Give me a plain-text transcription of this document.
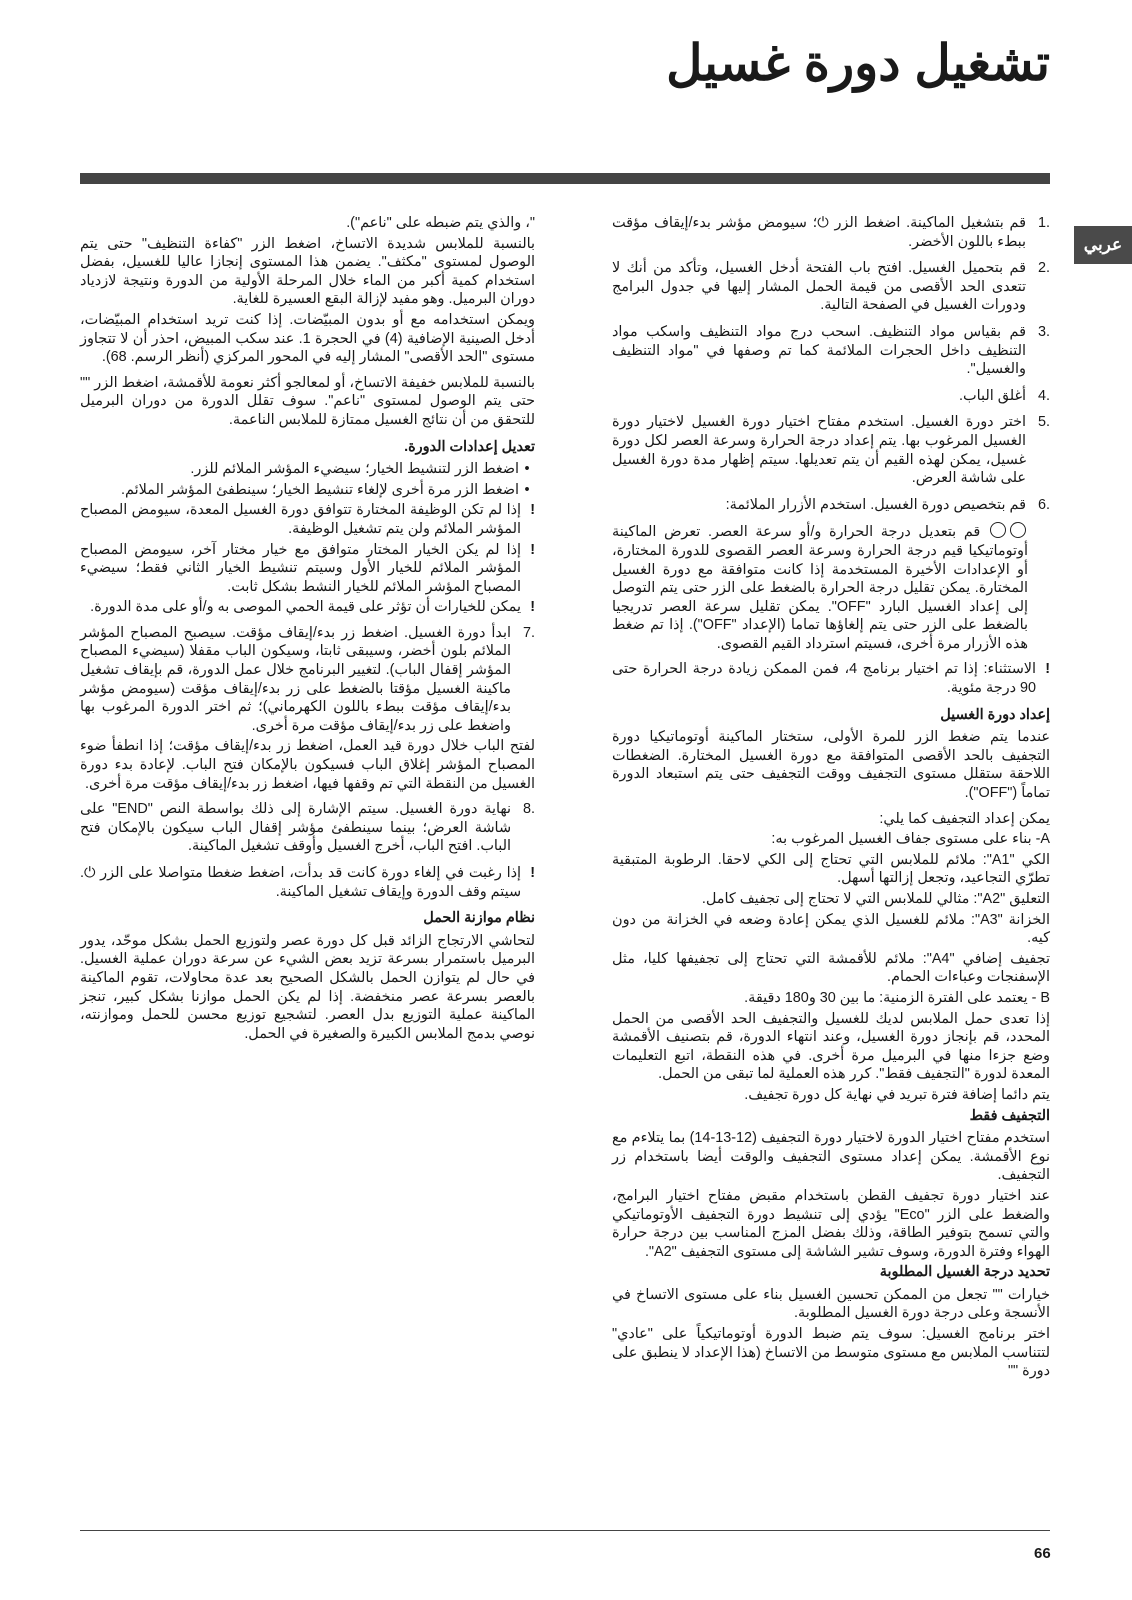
تشغيل دورة غسيل
عربي
.1
قم بتشغيل الماكينة. اضغط الزر ⏻؛ سيومض مؤشر بدء/إيقاف مؤقت ببطء باللون الأخضر.
.2
قم بتحميل الغسيل. افتح باب الفتحة أدخل الغسيل، وتأكد من أنك لا تتعدى الحد الأقصى من قيمة الحمل المشار إليها في جدول البرامج ودورات الغسيل في الصفحة التالية.
.3
قم بقياس مواد التنظيف. اسحب درج مواد التنظيف واسكب مواد التنظيف داخل الحجرات الملائمة كما تم وصفها في "مواد التنظيف والغسيل".
.4
أغلق الباب.
.5
اختر دورة الغسيل. استخدم مفتاح اختيار دورة الغسيل لاختيار دورة الغسيل المرغوب بها. يتم إعداد درجة الحرارة وسرعة العصر لكل دورة غسيل، يمكن لهذه القيم أن يتم تعديلها. سيتم إظهار مدة دورة الغسيل على شاشة العرض.
.6
قم بتخصيص دورة الغسيل. استخدم الأزرار الملائمة:

قم بتعديل درجة الحرارة و/أو سرعة العصر. تعرض الماكينة أوتوماتيكيا قيم درجة الحرارة وسرعة العصر القصوى للدورة المختارة، أو الإعدادات الأخيرة المستخدمة إذا كانت متوافقة مع دورة الغسيل المختارة. يمكن تقليل درجة الحرارة بالضغط على الزر حتى يتم التوصل إلى إعداد الغسيل البارد "OFF". يمكن تقليل سرعة العصر تدريجيا بالضغط على الزر حتى يتم إلغاؤها تماما (الإعداد "OFF"). إذا تم ضغط هذه الأزرار مرة أخرى، فسيتم استرداد القيم القصوى.

!
الاستثناء: إذا تم اختيار برنامج 4، فمن الممكن زيادة درجة الحرارة حتى 90 درجة مئوية.
إعداد دورة الغسيل

عندما يتم ضغط الزر للمرة الأولى، ستختار الماكينة أوتوماتيكيا دورة التجفيف بالحد الأقصى المتوافقة مع دورة الغسيل المختارة. الضغطات اللاحقة ستقلل مستوى التجفيف ووقت التجفيف حتى يتم استبعاد الدورة تماماً ("OFF").

يمكن إعداد التجفيف كما يلي:

A- بناء على مستوى جفاف الغسيل المرغوب به:

الكي "A1": ملائم للملابس التي تحتاج إلى الكي لاحقا. الرطوبة المتبقية تطرّي التجاعيد، وتجعل إزالتها أسهل.

التعليق "A2": مثالي للملابس التي لا تحتاج إلى تجفيف كامل.

الخزانة "A3": ملائم للغسيل الذي يمكن إعادة وضعه في الخزانة من دون كيه.

تجفيف إضافي "A4": ملائم للأقمشة التي تحتاج إلى تجفيفها كليا، مثل الإسفنجات وعباءات الحمام.

B - يعتمد على الفترة الزمنية: ما بين 30 و180 دقيقة.

إذا تعدى حمل الملابس لديك للغسيل والتجفيف الحد الأقصى من الحمل المحدد، قم بإنجاز دورة الغسيل، وعند انتهاء الدورة، قم بتصنيف الأقمشة وضع جزءا منها في البرميل مرة أخرى. في هذه النقطة، اتبع التعليمات المعدة لدورة "التجفيف فقط". كرر هذه العملية لما تبقى من الحمل.

يتم دائما إضافة فترة تبريد في نهاية كل دورة تجفيف.

التجفيف فقط

استخدم مفتاح اختيار الدورة لاختيار دورة التجفيف (12-13-14) بما يتلاءم مع نوع الأقمشة. يمكن إعداد مستوى التجفيف والوقت أيضا باستخدام زر التجفيف.

عند اختيار دورة تجفيف القطن باستخدام مقبض مفتاح اختيار البرامج، والضغط على الزر "Eco" يؤدي إلى تنشيط دورة التجفيف الأوتوماتيكي والتي تسمح بتوفير الطاقة، وذلك بفضل المزج المناسب بين درجة حرارة الهواء وفترة الدورة، وسوف تشير الشاشة إلى مستوى التجفيف "A2".

تحديد درجة الغسيل المطلوبة

خيارات "" تجعل من الممكن تحسين الغسيل بناء على مستوى الاتساخ في الأنسجة وعلى درجة دورة الغسيل المطلوبة.

اختر برنامج الغسيل: سوف يتم ضبط الدورة أوتوماتيكياً على "عادي" لتتناسب الملابس مع مستوى متوسط من الاتساخ (هذا الإعداد لا ينطبق على دورة ""

"، والذي يتم ضبطه على "ناعم").

بالنسبة للملابس شديدة الاتساخ، اضغط الزر "كفاءة التنظيف" حتى يتم الوصول لمستوى "مكثف". يضمن هذا المستوى إنجازا عاليا للغسيل، بفضل استخدام كمية أكبر من الماء خلال المرحلة الأولية من الدورة ونتيجة لازدياد دوران البرميل. وهو مفيد لإزالة البقع العسيرة للغاية.

ويمكن استخدامه مع أو بدون المبيّضات. إذا كنت تريد استخدام المبيّضات، أدخل الصينية الإضافية (4) في الحجرة 1. عند سكب المبيض، احذر أن لا تتجاوز مستوى "الحد الأقصى" المشار إليه في المحور المركزي (أنظر الرسم. 68).

بالنسبة للملابس خفيفة الاتساخ، أو لمعالجو أكثر نعومة للأقمشة، اضغط الزر "" حتى يتم الوصول لمستوى "ناعم". سوف تقلل الدورة من دوران البرميل للتحقق من أن نتائج الغسيل ممتازة للملابس الناعمة.

تعديل إعدادات الدورة.
•
اضغط الزر لتنشيط الخيار؛ سيضيء المؤشر الملائم للزر.
•
اضغط الزر مرة أخرى لإلغاء تنشيط الخيار؛ سينطفئ المؤشر الملائم.
!
إذا لم تكن الوظيفة المختارة تتوافق دورة الغسيل المعدة، سيومض المصباح المؤشر الملائم ولن يتم تشغيل الوظيفة.
!
إذا لم يكن الخيار المختار متوافق مع خيار مختار آخر، سيومض المصباح المؤشر الملائم للخيار الأول وسيتم تنشيط الخيار الثاني فقط؛ سيضيء المصباح المؤشر الملائم للخيار النشط بشكل ثابت.
!
يمكن للخيارات أن تؤثر على قيمة الحمي الموصى به و/أو على مدة الدورة.
.7
ابدأ دورة الغسيل. اضغط زر بدء/إيقاف مؤقت. سيصبح المصباح المؤشر الملائم بلون أخضر، وسيبقى ثابتا، وسيكون الباب مقفلا (سيضيء المصباح المؤشر إقفال الباب). لتغيير البرنامج خلال عمل الدورة، قم بإيقاف تشغيل ماكينة الغسيل مؤقتا بالضغط على زر بدء/إيقاف مؤقت (سيومض مؤشر بدء/إيقاف مؤقت ببطء باللون الكهرماني)؛ ثم اختر الدورة المرغوب بها واضغط على زر بدء/إيقاف مؤقت مرة أخرى.

لفتح الباب خلال دورة قيد العمل، اضغط زر بدء/إيقاف مؤقت؛ إذا انطفأ ضوء المصباح المؤشر إغلاق الباب فسيكون بالإمكان فتح الباب. لإعادة بدء دورة الغسيل من النقطة التي تم وقفها فيها، اضغط زر بدء/إيقاف مؤقت مرة أخرى.

.8
نهاية دورة الغسيل. سيتم الإشارة إلى ذلك بواسطة النص "END" على شاشة العرض؛ بينما سينطفئ مؤشر إقفال الباب سيكون بالإمكان فتح الباب. افتح الباب، أخرج الغسيل وأوقف تشغيل الماكينة.
!
إذا رغبت في إلغاء دورة كانت قد بدأت، اضغط ضغطا متواصلا على الزر ⏻. سيتم وقف الدورة وإيقاف تشغيل الماكينة.
نظام موازنة الحمل

لتحاشي الارتجاج الزائد قبل كل دورة عصر ولتوزيع الحمل بشكل موحّد، يدور البرميل باستمرار بسرعة تزيد بعض الشيء عن سرعة دوران عملية الغسيل. في حال لم يتوازن الحمل بالشكل الصحيح بعد عدة محاولات، تقوم الماكينة بالعصر بسرعة عصر منخفضة. إذا لم يكن الحمل موازنا بشكل كبير، تنجز الماكينة عملية التوزيع بدل العصر. لتشجيع توزيع محسن للحمل وموازنته، نوصي بدمج الملابس الكبيرة والصغيرة في الحمل.

66
